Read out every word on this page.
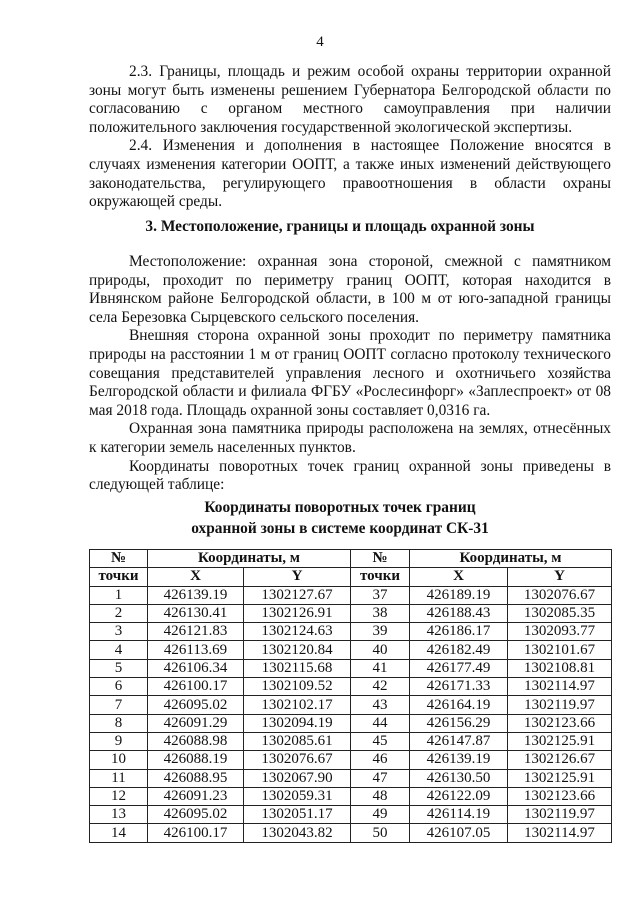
4

2.3. Границы, площадь и режим особой охраны территории охранной зоны могут быть изменены решением Губернатора Белгородской области по согласованию с органом местного самоуправления при наличии положительного заключения государственной экологической экспертизы.

2.4. Изменения и дополнения в настоящее Положение вносятся в случаях изменения категории ООПТ, а также иных изменений действующего законодательства, регулирующего правоотношения в области охраны окружающей среды.

3. Местоположение, границы и площадь охранной зоны

Местоположение: охранная зона стороной, смежной с памятником природы, проходит по периметру границ ООПТ, которая находится в Ивнянском районе Белгородской области, в 100 м от юго-западной границы села Березовка Сырцевского сельского поселения.

Внешняя сторона охранной зоны проходит по периметру памятника природы на расстоянии 1 м от границ ООПТ согласно протоколу технического совещания представителей управления лесного и охотничьего хозяйства Белгородской области и филиала ФГБУ «Рослесинфорг» «Заплеспроект» от 08 мая 2018 года. Площадь охранной зоны составляет 0,0316 га.

Охранная зона памятника природы расположена на землях, отнесённых к категории земель населенных пунктов.

Координаты поворотных точек границ охранной зоны приведены в следующей таблице:

Координаты поворотных точек границ
охранной зоны в системе координат СК-31
№	Координаты, м		№	Координаты, м	
точки	X	Y	точки	X	Y
1	426139.19	1302127.67	37	426189.19	1302076.67
2	426130.41	1302126.91	38	426188.43	1302085.35
3	426121.83	1302124.63	39	426186.17	1302093.77
4	426113.69	1302120.84	40	426182.49	1302101.67
5	426106.34	1302115.68	41	426177.49	1302108.81
6	426100.17	1302109.52	42	426171.33	1302114.97
7	426095.02	1302102.17	43	426164.19	1302119.97
8	426091.29	1302094.19	44	426156.29	1302123.66
9	426088.98	1302085.61	45	426147.87	1302125.91
10	426088.19	1302076.67	46	426139.19	1302126.67
11	426088.95	1302067.90	47	426130.50	1302125.91
12	426091.23	1302059.31	48	426122.09	1302123.66
13	426095.02	1302051.17	49	426114.19	1302119.97
14	426100.17	1302043.82	50	426107.05	1302114.97
